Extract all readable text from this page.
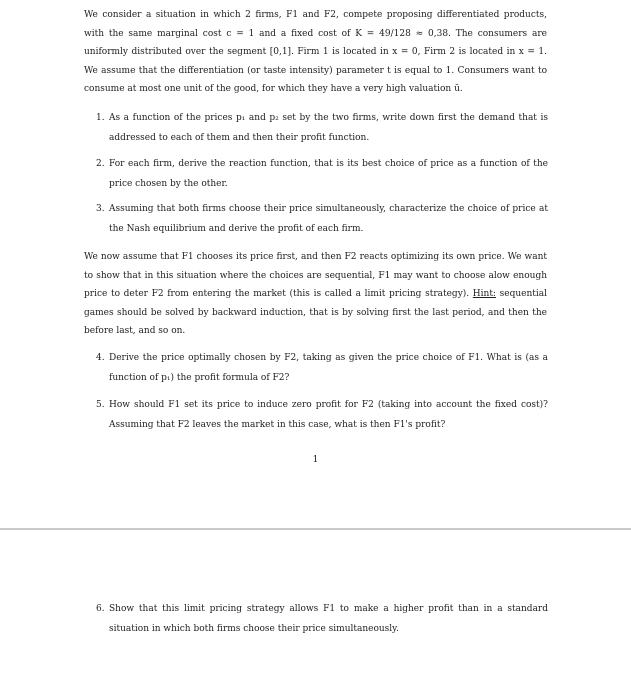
We consider a situation in which 2 firms, F1 and F2, compete proposing differentiated products, with the same marginal cost c = 1 and a fixed cost of K = 49/128 ≈ 0,38. The consumers are uniformly distributed over the segment [0,1]. Firm 1 is located in x = 0, Firm 2 is located in x = 1. We assume that the differentiation (or taste intensity) parameter t is equal to 1. Consumers want to consume at most one unit of the good, for which they have a very high valuation ū.

1. As a function of the prices p₁ and p₂ set by the two firms, write down first the demand that is addressed to each of them and then their profit function.
2. For each firm, derive the reaction function, that is its best choice of price as a function of the price chosen by the other.
3. Assuming that both firms choose their price simultaneously, characterize the choice of price at the Nash equilibrium and derive the profit of each firm.

We now assume that F1 chooses its price first, and then F2 reacts optimizing its own price. We want to show that in this situation where the choices are sequential, F1 may want to choose alow enough price to deter F2 from entering the market (this is called a limit pricing strategy). Hint: sequential games should be solved by backward induction, that is by solving first the last period, and then the before last, and so on.

4. Derive the price optimally chosen by F2, taking as given the price choice of F1. What is (as a function of p₁) the profit formula of F2?
5. How should F1 set its price to induce zero profit for F2 (taking into account the fixed cost)? Assuming that F2 leaves the market in this case, what is then F1's profit?
1
6. Show that this limit pricing strategy allows F1 to make a higher profit than in a standard situation in which both firms choose their price simultaneously.
